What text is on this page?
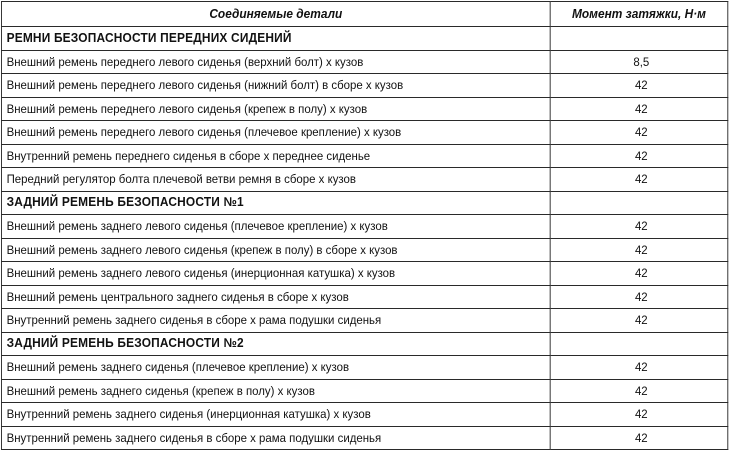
Соединяемые детали	Момент затяжки, Н·м
РЕМНИ БЕЗОПАСНОСТИ ПЕРЕДНИХ СИДЕНИЙ	
Внешний ремень переднего левого сиденья (верхний болт) х кузов	8,5
Внешний ремень переднего левого сиденья (нижний болт) в сборе х кузов	42
Внешний ремень переднего левого сиденья (крепеж в полу) х кузов	42
Внешний ремень переднего левого сиденья (плечевое крепление) х кузов	42
Внутренний ремень переднего сиденья в сборе х переднее сиденье	42
Передний регулятор болта плечевой ветви ремня в сборе х кузов	42
ЗАДНИЙ РЕМЕНЬ БЕЗОПАСНОСТИ №1	
Внешний ремень заднего левого сиденья (плечевое крепление) х кузов	42
Внешний ремень заднего левого сиденья (крепеж в полу) в сборе х кузов	42
Внешний ремень заднего левого сиденья (инерционная катушка) х кузов	42
Внешний ремень центрального заднего сиденья в сборе х кузов	42
Внутренний ремень заднего сиденья в сборе х рама подушки сиденья	42
ЗАДНИЙ РЕМЕНЬ БЕЗОПАСНОСТИ №2	
Внешний ремень заднего сиденья (плечевое крепление) х кузов	42
Внешний ремень заднего сиденья (крепеж в полу) х кузов	42
Внутренний ремень заднего сиденья (инерционная катушка) х кузов	42
Внутренний ремень заднего сиденья в сборе х рама подушки сиденья	42
